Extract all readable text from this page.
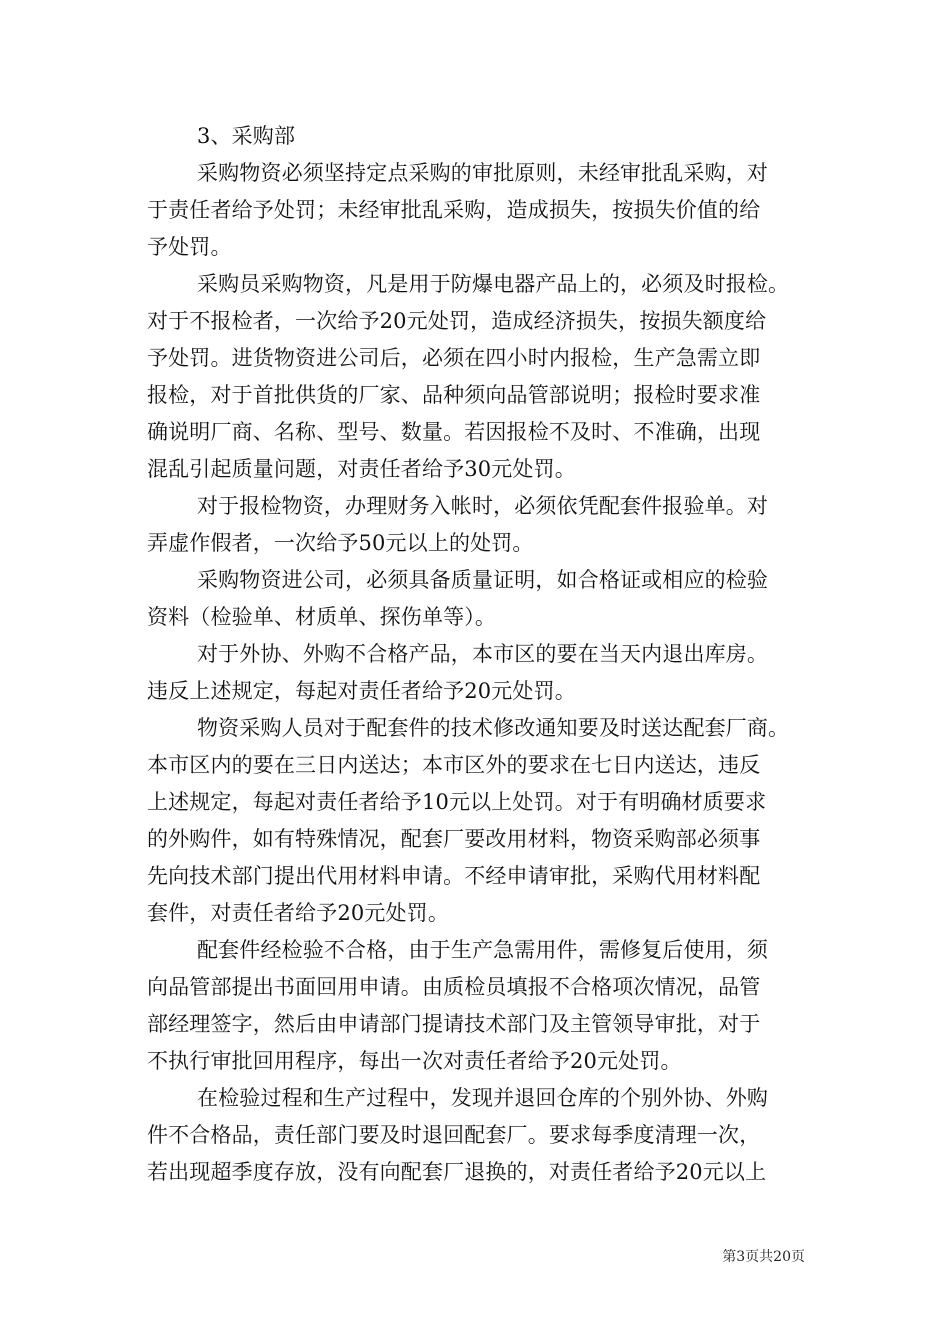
3、采购部
采购物资必须坚持定点采购的审批原则，未经审批乱采购，对
于责任者给予处罚；未经审批乱采购，造成损失，按损失价值的给
予处罚。
采购员采购物资，凡是用于防爆电器产品上的，必须及时报检。
对于不报检者，一次给予20元处罚，造成经济损失，按损失额度给
予处罚。进货物资进公司后，必须在四小时内报检，生产急需立即
报检，对于首批供货的厂家、品种须向品管部说明；报检时要求准
确说明厂商、名称、型号、数量。若因报检不及时、不准确，出现
混乱引起质量问题，对责任者给予30元处罚。
对于报检物资，办理财务入帐时，必须依凭配套件报验单。对
弄虚作假者，一次给予50元以上的处罚。
采购物资进公司，必须具备质量证明，如合格证或相应的检验
资料（检验单、材质单、探伤单等）。
对于外协、外购不合格产品，本市区的要在当天内退出库房。
违反上述规定，每起对责任者给予20元处罚。
物资采购人员对于配套件的技术修改通知要及时送达配套厂商。
本市区内的要在三日内送达；本市区外的要求在七日内送达，违反
上述规定，每起对责任者给予10元以上处罚。对于有明确材质要求
的外购件，如有特殊情况，配套厂要改用材料，物资采购部必须事
先向技术部门提出代用材料申请。不经申请审批，采购代用材料配
套件，对责任者给予20元处罚。
配套件经检验不合格，由于生产急需用件，需修复后使用，须
向品管部提出书面回用申请。由质检员填报不合格项次情况，品管
部经理签字，然后由申请部门提请技术部门及主管领导审批，对于
不执行审批回用程序，每出一次对责任者给予20元处罚。
在检验过程和生产过程中，发现并退回仓库的个别外协、外购
件不合格品，责任部门要及时退回配套厂。要求每季度清理一次，
若出现超季度存放，没有向配套厂退换的，对责任者给予20元以上
第3页共20页
